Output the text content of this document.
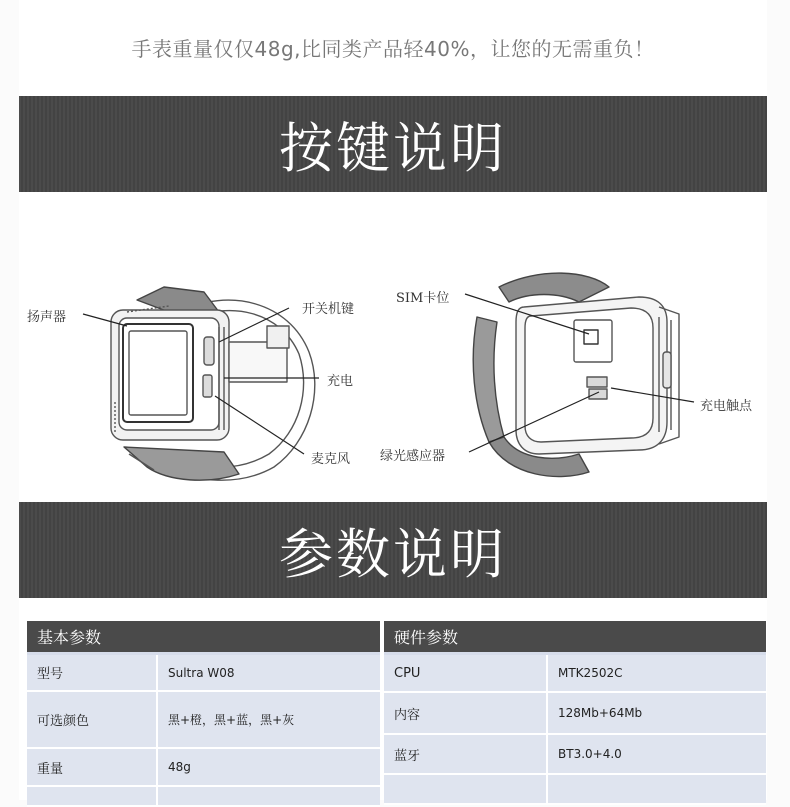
手表重量仅仅48g,比同类产品轻40%，让您的无需重负！
按键说明
扬声器
开关机键
充电
麦克风
SIM卡位
充电触点
绿光感应器
参数说明
基本参数
型号	Sultra W08
可选颜色	黑+橙，黑+蓝，黑+灰
重量	48g
硬件参数
CPU	MTK2502C
内容	128Mb+64Mb
蓝牙	BT3.0+4.0
